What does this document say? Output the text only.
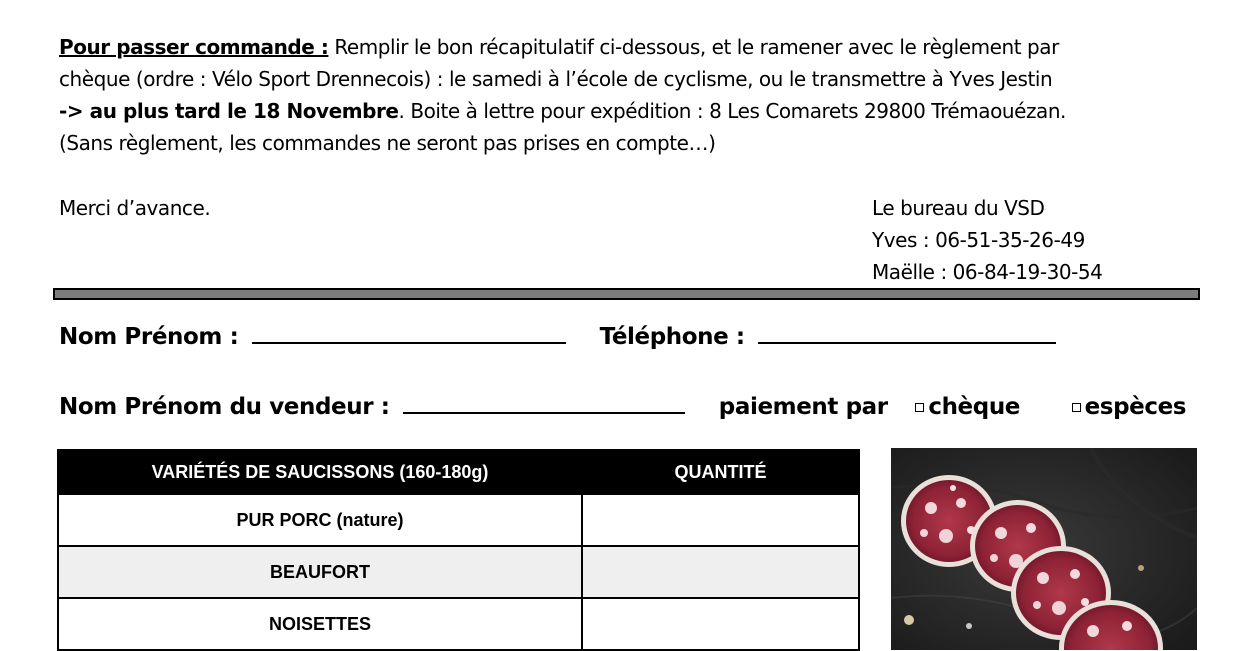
Pour passer commande : Remplir le bon récapitulatif ci-dessous, et le ramener avec le règlement par
chèque (ordre : Vélo Sport Drennecois) : le samedi à l’école de cyclisme, ou le transmettre à Yves Jestin
-> au plus tard le 18 Novembre. Boite à lettre pour expédition : 8 Les Comarets 29800 Trémaouézan.
(Sans règlement, les commandes ne seront pas prises en compte…)
Merci d’avance.	Le bureau du VSD
Yves : 06-51-35-26-49
Maëlle : 06-84-19-30-54
Nom Prénom :	Téléphone :
Nom Prénom du vendeur :	paiement par chèque	espèces
VARIÉTÉS DE SAUCISSONS (160-180g)	QUANTITÉ
PUR PORC (nature)	
BEAUFORT	
NOISETTES	
